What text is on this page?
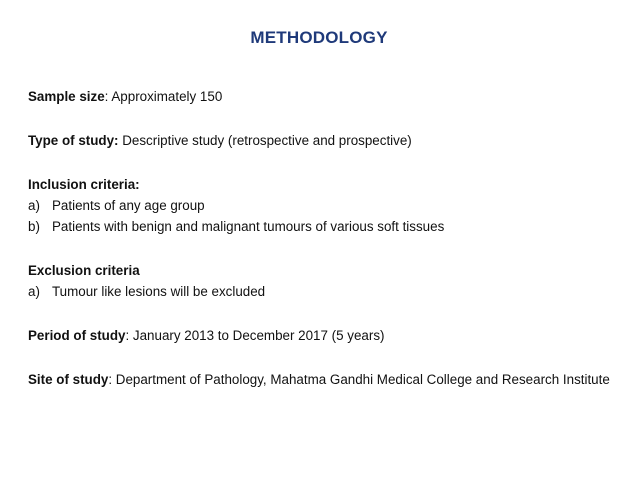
METHODOLOGY

Sample size: Approximately 150

Type of study: Descriptive study (retrospective and prospective)

Inclusion criteria:

a) Patients of any age group
b) Patients with benign and malignant tumours of various soft tissues

Exclusion criteria

a) Tumour like lesions will be excluded

Period of study: January 2013 to December 2017 (5 years)

Site of study: Department of Pathology, Mahatma Gandhi Medical College and Research Institute
